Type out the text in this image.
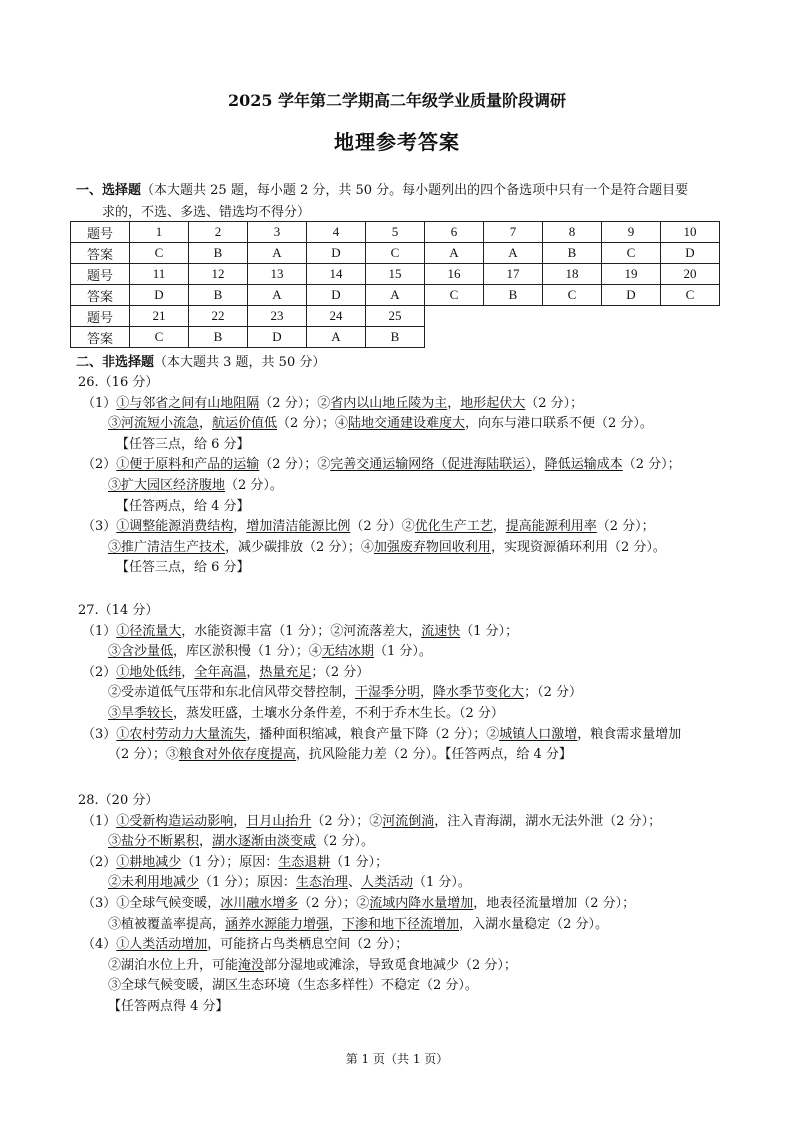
2025 学年第二学期高二年级学业质量阶段调研
地理参考答案
一、选择题（本大题共 25 题，每小题 2 分，共 50 分。每小题列出的四个备选项中只有一个是符合题目要
求的，不选、多选、错选均不得分）
题号	1	2	3	4	5	6	7	8	9	10
答案	C	B	A	D	C	A	A	B	C	D
题号	11	12	13	14	15	16	17	18	19	20
答案	D	B	A	D	A	C	B	C	D	C
题号	21	22	23	24	25					
答案	C	B	D	A	B					
二、非选择题（本大题共 3 题，共 50 分）
26.（16 分）
（1）①与邻省之间有山地阻隔（2 分）；②省内以山地丘陵为主，地形起伏大（2 分）；
③河流短小流急，航运价值低（2 分）；④陆地交通建设难度大，向东与港口联系不便（2 分）。
【任答三点，给 6 分】
（2）①便于原料和产品的运输（2 分）；②完善交通运输网络（促进海陆联运），降低运输成本（2 分）；
③扩大园区经济腹地（2 分）。
【任答两点，给 4 分】
（3）①调整能源消费结构，增加清洁能源比例（2 分）②优化生产工艺，提高能源利用率（2 分）；
③推广清洁生产技术，减少碳排放（2 分）；④加强废弃物回收利用，实现资源循环利用（2 分）。
【任答三点，给 6 分】
27.（14 分）
（1）①径流量大，水能资源丰富（1 分）；②河流落差大，流速快（1 分）；
③含沙量低，库区淤积慢（1 分）；④无结冰期（1 分）。
（2）①地处低纬，全年高温，热量充足；（2 分）
②受赤道低气压带和东北信风带交替控制，干湿季分明，降水季节变化大；（2 分）
③旱季较长，蒸发旺盛，土壤水分条件差，不利于乔木生长。（2 分）
（3）①农村劳动力大量流失，播种面积缩减，粮食产量下降（2 分）；②城镇人口激增，粮食需求量增加
（2 分）；③粮食对外依存度提高，抗风险能力差（2 分）。【任答两点，给 4 分】
28.（20 分）
（1）①受新构造运动影响，日月山抬升（2 分）；②河流倒淌，注入青海湖，湖水无法外泄（2 分）；
③盐分不断累积，湖水逐渐由淡变咸（2 分）。
（2）①耕地减少（1 分）；原因：生态退耕（1 分）；
②未利用地减少（1 分）；原因：生态治理、人类活动（1 分）。
（3）①全球气候变暖，冰川融水增多（2 分）；②流域内降水量增加，地表径流量增加（2 分）；
③植被覆盖率提高，涵养水源能力增强，下渗和地下径流增加，入湖水量稳定（2 分）。
（4）①人类活动增加，可能挤占鸟类栖息空间（2 分）；
②湖泊水位上升，可能淹没部分湿地或滩涂，导致觅食地减少（2 分）；
③全球气候变暖，湖区生态环境（生态多样性）不稳定（2 分）。
【任答两点得 4 分】
第 1 页（共 1 页）
